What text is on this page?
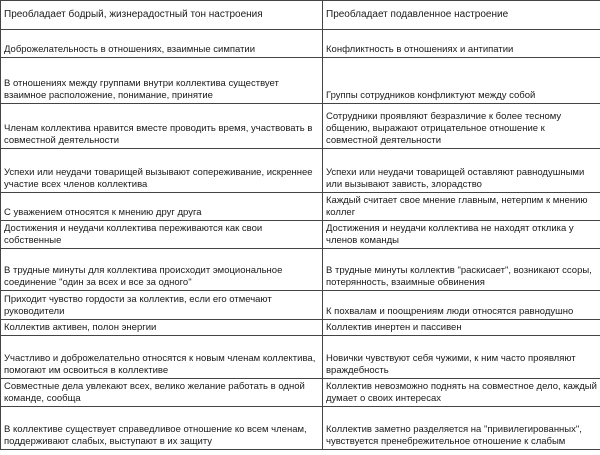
Преобладает бодрый, жизнерадостный тон настроения	Преобладает подавленное настроение
Доброжелательность в отношениях, взаимные симпатии	Конфликтность в отношениях и антипатии
В отношениях между группами внутри коллектива существует взаимное расположение, понимание, принятие	Группы сотрудников конфликтуют между собой
Членам коллектива нравится вместе проводить время, участвовать в совместной деятельности	Сотрудники проявляют безразличие к более тесному общению, выражают отрицательное отношение к совместной деятельности
Успехи или неудачи товарищей вызывают сопереживание, искреннее участие всех членов коллектива	Успехи или неудачи товарищей оставляют равнодушными или вызывают зависть, злорадство
С уважением относятся к мнению друг друга	Каждый считает свое мнение главным, нетерпим к мнению коллег
Достижения и неудачи коллектива переживаются как свои собственные	Достижения и неудачи коллектива не находят отклика у членов команды
В трудные минуты для коллектива происходит эмоциональное соединение "один за всех и все за одного"	В трудные минуты коллектив "раскисает", возникают ссоры, потерянность, взаимные обвинения
Приходит чувство гордости за коллектив, если его отмечают руководители	К похвалам и поощрениям люди относятся равнодушно
Коллектив активен, полон энергии	Коллектив инертен и пассивен
Участливо и доброжелательно относятся к новым членам коллектива, помогают им освоиться в коллективе	Новички чувствуют себя чужими, к ним часто проявляют враждебность
Совместные дела увлекают всех, велико желание работать в одной команде, сообща	Коллектив невозможно поднять на совместное дело, каждый думает о своих интересах
В коллективе существует справедливое отношение ко всем членам, поддерживают слабых, выступают в их защиту	Коллектив заметно разделяется на "привилегированных", чувствуется пренебрежительное отношение к слабым
